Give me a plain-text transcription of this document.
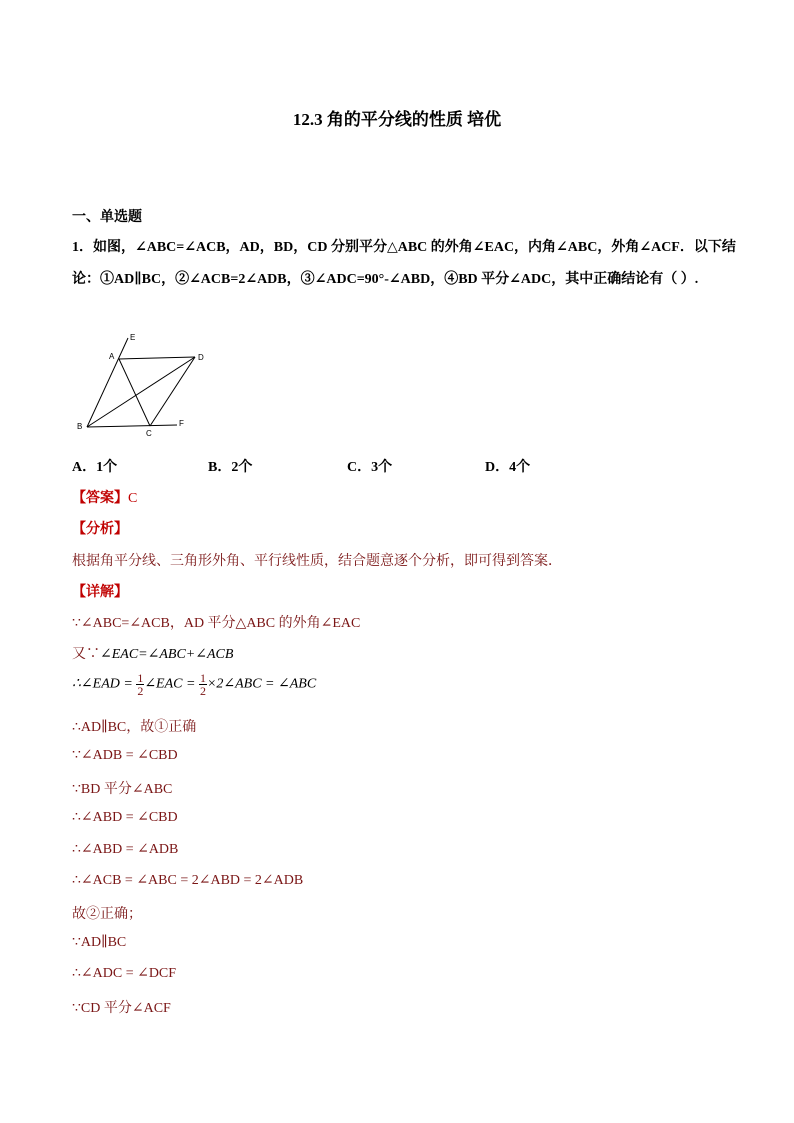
12.3 角的平分线的性质 培优
一、单选题
1．如图，∠ABC=∠ACB，AD，BD，CD 分别平分△ABC 的外角∠EAC，内角∠ABC，外角∠ACF．以下结
论：①AD∥BC，②∠ACB=2∠ADB，③∠ADC=90°-∠ABD，④BD 平分∠ADC，其中正确结论有（ ）.
E
A	D
B
C
F
A．1个	B．2个	C．3个	D．4个
【答案】C
【分析】
根据角平分线、三角形外角、平行线性质，结合题意逐个分析，即可得到答案．
【详解】
∵∠ABC=∠ACB，AD 平分△ABC 的外角∠EAC
又∵∠EAC=∠ABC+∠ACB
∴∠EAD = $\frac{1}{2}$ ∠EAC = $\frac{1}{2}$ ×2∠ABC = ∠ABC
∴AD∥BC，故①正确
∵∠ADB = ∠CBD
∵BD 平分∠ABC
∴∠ABD = ∠CBD
∴∠ABD = ∠ADB
∴∠ACB = ∠ABC = 2∠ABD = 2∠ADB
故②正确；
∵AD∥BC
∴∠ADC = ∠DCF
∵CD 平分∠ACF
